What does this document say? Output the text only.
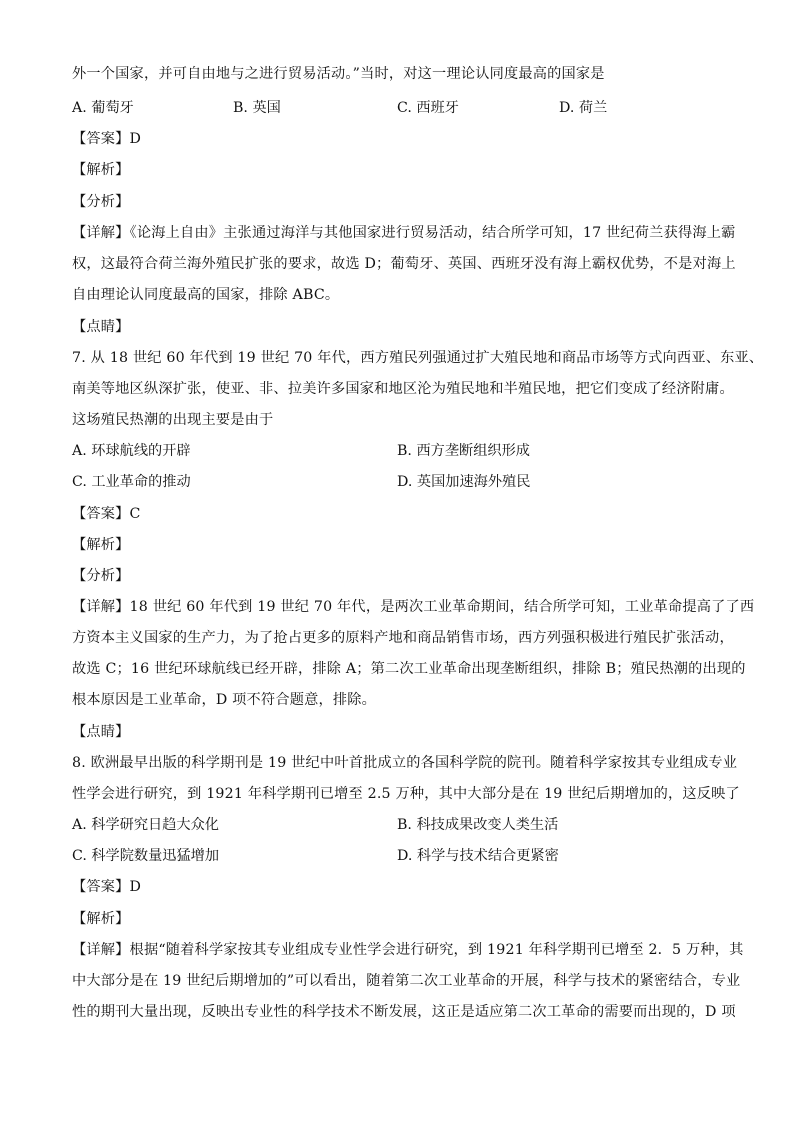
外一个国家，并可自由地与之进行贸易活动。”当时，对这一理论认同度最高的国家是
A. 葡萄牙	B. 英国	C. 西班牙	D. 荷兰
【答案】D
【解析】
【分析】
【详解】《论海上自由》主张通过海洋与其他国家进行贸易活动，结合所学可知，17 世纪荷兰获得海上霸
权，这最符合荷兰海外殖民扩张的要求，故选 D；葡萄牙、英国、西班牙没有海上霸权优势，不是对海上
自由理论认同度最高的国家，排除 ABC。
【点睛】
7. 从 18 世纪 60 年代到 19 世纪 70 年代，西方殖民列强通过扩大殖民地和商品市场等方式向西亚、东亚、
南美等地区纵深扩张，使亚、非、拉美许多国家和地区沦为殖民地和半殖民地，把它们变成了经济附庸。
这场殖民热潮的出现主要是由于
A. 环球航线的开辟	B. 西方垄断组织形成
C. 工业革命的推动	D. 英国加速海外殖民
【答案】C
【解析】
【分析】
【详解】18 世纪 60 年代到 19 世纪 70 年代，是两次工业革命期间，结合所学可知，工业革命提高了了西
方资本主义国家的生产力，为了抢占更多的原料产地和商品销售市场，西方列强积极进行殖民扩张活动，
故选 C；16 世纪环球航线已经开辟，排除 A；第二次工业革命出现垄断组织，排除 B；殖民热潮的出现的
根本原因是工业革命，D 项不符合题意，排除。
【点睛】
8. 欧洲最早出版的科学期刊是 19 世纪中叶首批成立的各国科学院的院刊。随着科学家按其专业组成专业
性学会进行研究，到 1921 年科学期刊已增至 2.5 万种，其中大部分是在 19 世纪后期增加的，这反映了
A. 科学研究日趋大众化	B. 科技成果改变人类生活
C. 科学院数量迅猛增加	D. 科学与技术结合更紧密
【答案】D
【解析】
【详解】根据“随着科学家按其专业组成专业性学会进行研究，到 1921 年科学期刊已增至 2．5 万种，其
中大部分是在 19 世纪后期增加的”可以看出，随着第二次工业革命的开展，科学与技术的紧密结合，专业
性的期刊大量出现，反映出专业性的科学技术不断发展，这正是适应第二次工革命的需要而出现的，D 项
